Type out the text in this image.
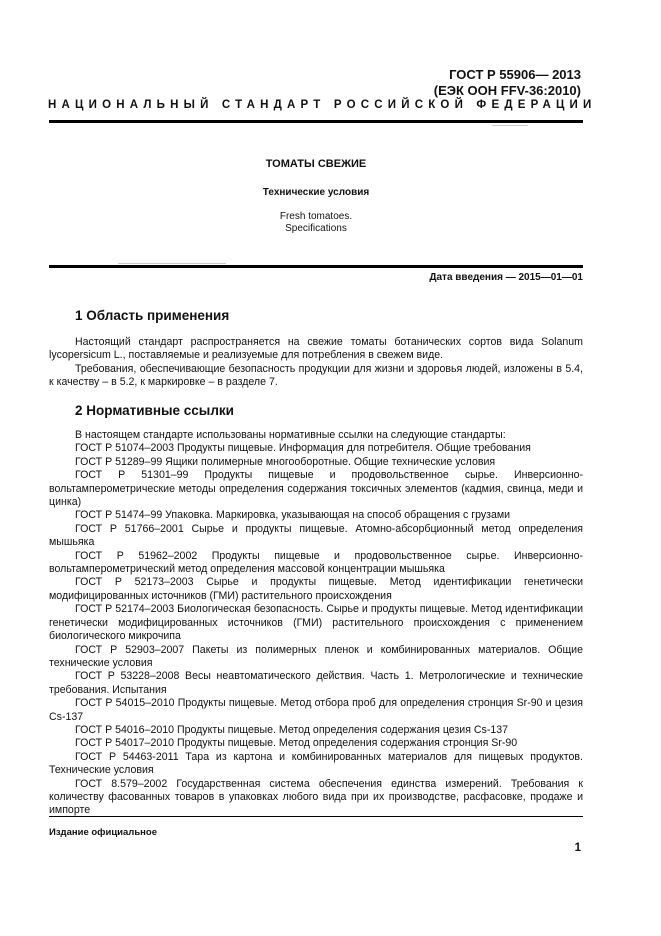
ГОСТ Р 55906— 2013
(ЕЭК ООН FFV-36:2010)
НАЦИОНАЛЬНЫЙ СТАНДАРТ РОССИЙСКОЙ ФЕДЕРАЦИИ
ТОМАТЫ СВЕЖИЕ
Технические условия
Fresh tomatoes.
Specifications
Дата введения — 2015—01—01
1 Область применения

Настоящий стандарт распространяется на свежие томаты ботанических сортов вида Solanum lycopersicum L., поставляемые и реализуемые для потребления в свежем виде.

Требования, обеспечивающие безопасность продукции для жизни и здоровья людей, изложены в 5.4, к качеству – в 5.2, к маркировке – в разделе 7.

2 Нормативные ссылки

В настоящем стандарте использованы нормативные ссылки на следующие стандарты:

ГОСТ Р 51074–2003 Продукты пищевые. Информация для потребителя. Общие требования

ГОСТ Р 51289–99 Ящики полимерные многооборотные. Общие технические условия

ГОСТ Р 51301–99 Продукты пищевые и продовольственное сырье. Инверсионно-вольтамперометрические методы определения содержания токсичных элементов (кадмия, свинца, меди и цинка)

ГОСТ Р 51474–99 Упаковка. Маркировка, указывающая на способ обращения с грузами

ГОСТ Р 51766–2001 Сырье и продукты пищевые. Атомно-абсорбционный метод определения мышьяка

ГОСТ Р 51962–2002 Продукты пищевые и продовольственное сырье. Инверсионно-вольтамперометрический метод определения массовой концентрации мышьяка

ГОСТ Р 52173–2003 Сырье и продукты пищевые. Метод идентификации генетически модифицированных источников (ГМИ) растительного происхождения

ГОСТ Р 52174–2003 Биологическая безопасность. Сырье и продукты пищевые. Метод идентификации генетически модифицированных источников (ГМИ) растительного происхождения с применением биологического микрочипа

ГОСТ Р 52903–2007 Пакеты из полимерных пленок и комбинированных материалов. Общие технические условия

ГОСТ Р 53228–2008 Весы неавтоматического действия. Часть 1. Метрологические и технические требования. Испытания

ГОСТ Р 54015–2010 Продукты пищевые. Метод отбора проб для определения стронция Sr-90 и цезия Cs-137

ГОСТ Р 54016–2010 Продукты пищевые. Метод определения содержания цезия Cs-137

ГОСТ Р 54017–2010 Продукты пищевые. Метод определения содержания стронция Sr-90

ГОСТ Р 54463-2011 Тара из картона и комбинированных материалов для пищевых продуктов. Технические условия

ГОСТ 8.579–2002 Государственная система обеспечения единства измерений. Требования к количеству фасованных товаров в упаковках любого вида при их производстве, расфасовке, продаже и импорте

Издание официальное
1
